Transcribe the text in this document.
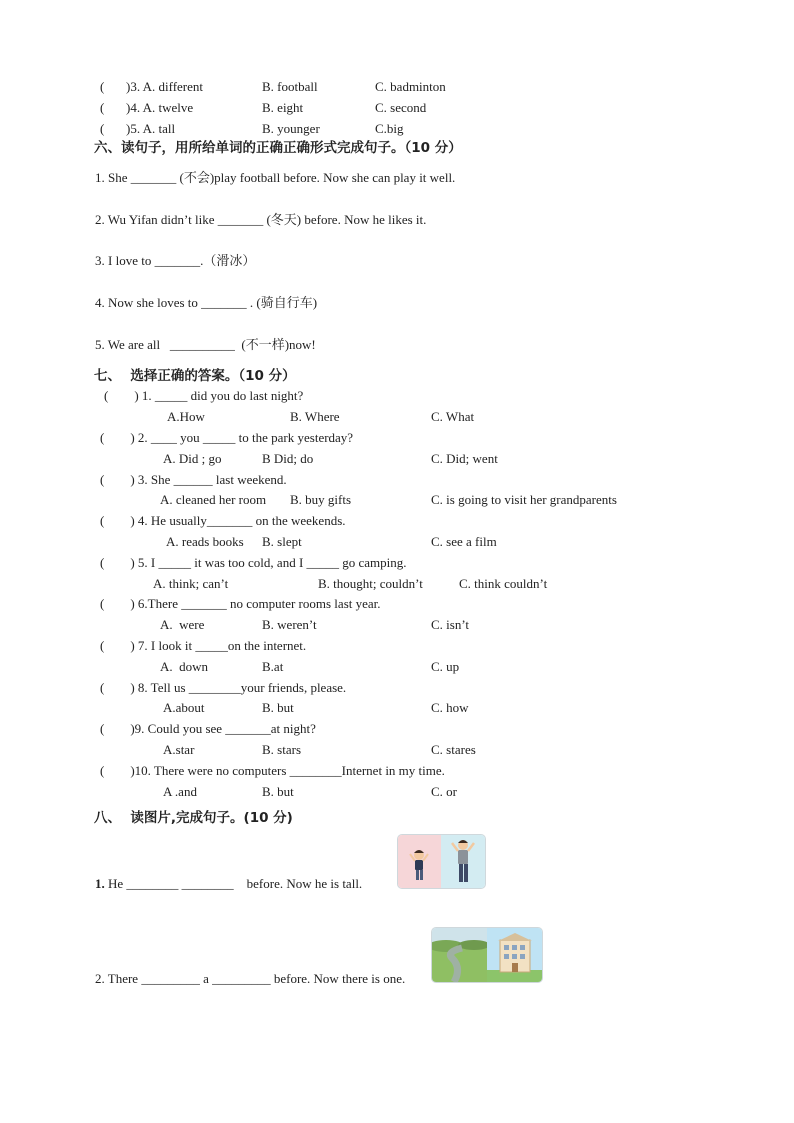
( )3. A. different	B. football	C. badminton
( )4. A. twelve	B. eight	C. second
( )5. A. tall	B. younger	C.big
六、读句子，用所给单词的正确正确形式完成句子。（10 分）
1. She _______ (不会)play football before. Now she can play it well.
2. Wu Yifan didn’t like _______ (冬天) before. Now he likes it.
3. I love to _______.（滑冰）
4. Now she loves to _______ . (骑自行车)
5. We are all   __________  (不一样)now!
七、  选择正确的答案。（10 分）
(        ) 1. _____ did you do last night?
A.How	B. Where	C. What
(        ) 2. ____ you _____ to the park yesterday?
A. Did ; go	B Did; do	C. Did; went
(        ) 3. She ______ last weekend.
A. cleaned her room B. buy gifts	C. is going to visit her grandparents
(        ) 4. He usually_______ on the weekends.
A. reads books B. slept	C. see a film
(        ) 5. I _____ it was too cold, and I _____ go camping.
A. think; can’t	B. thought; couldn’t	C. think couldn’t
(        ) 6.There _______ no computer rooms last year.
A.  were	B. weren’t	C. isn’t
(        ) 7. I look it _____on the internet.
A.  down	B.at	C. up
(        ) 8. Tell us ________your friends, please.
A.about	B. but	C. how
(        )9. Could you see _______at night?
A.star	B. stars	C. stares
(        )10. There were no computers ________Internet in my time.
A .and	B. but	C. or
八、  读图片,完成句子。(10 分)
1. He ________ ________    before. Now he is tall.
2. There _________ a _________ before. Now there is one.
